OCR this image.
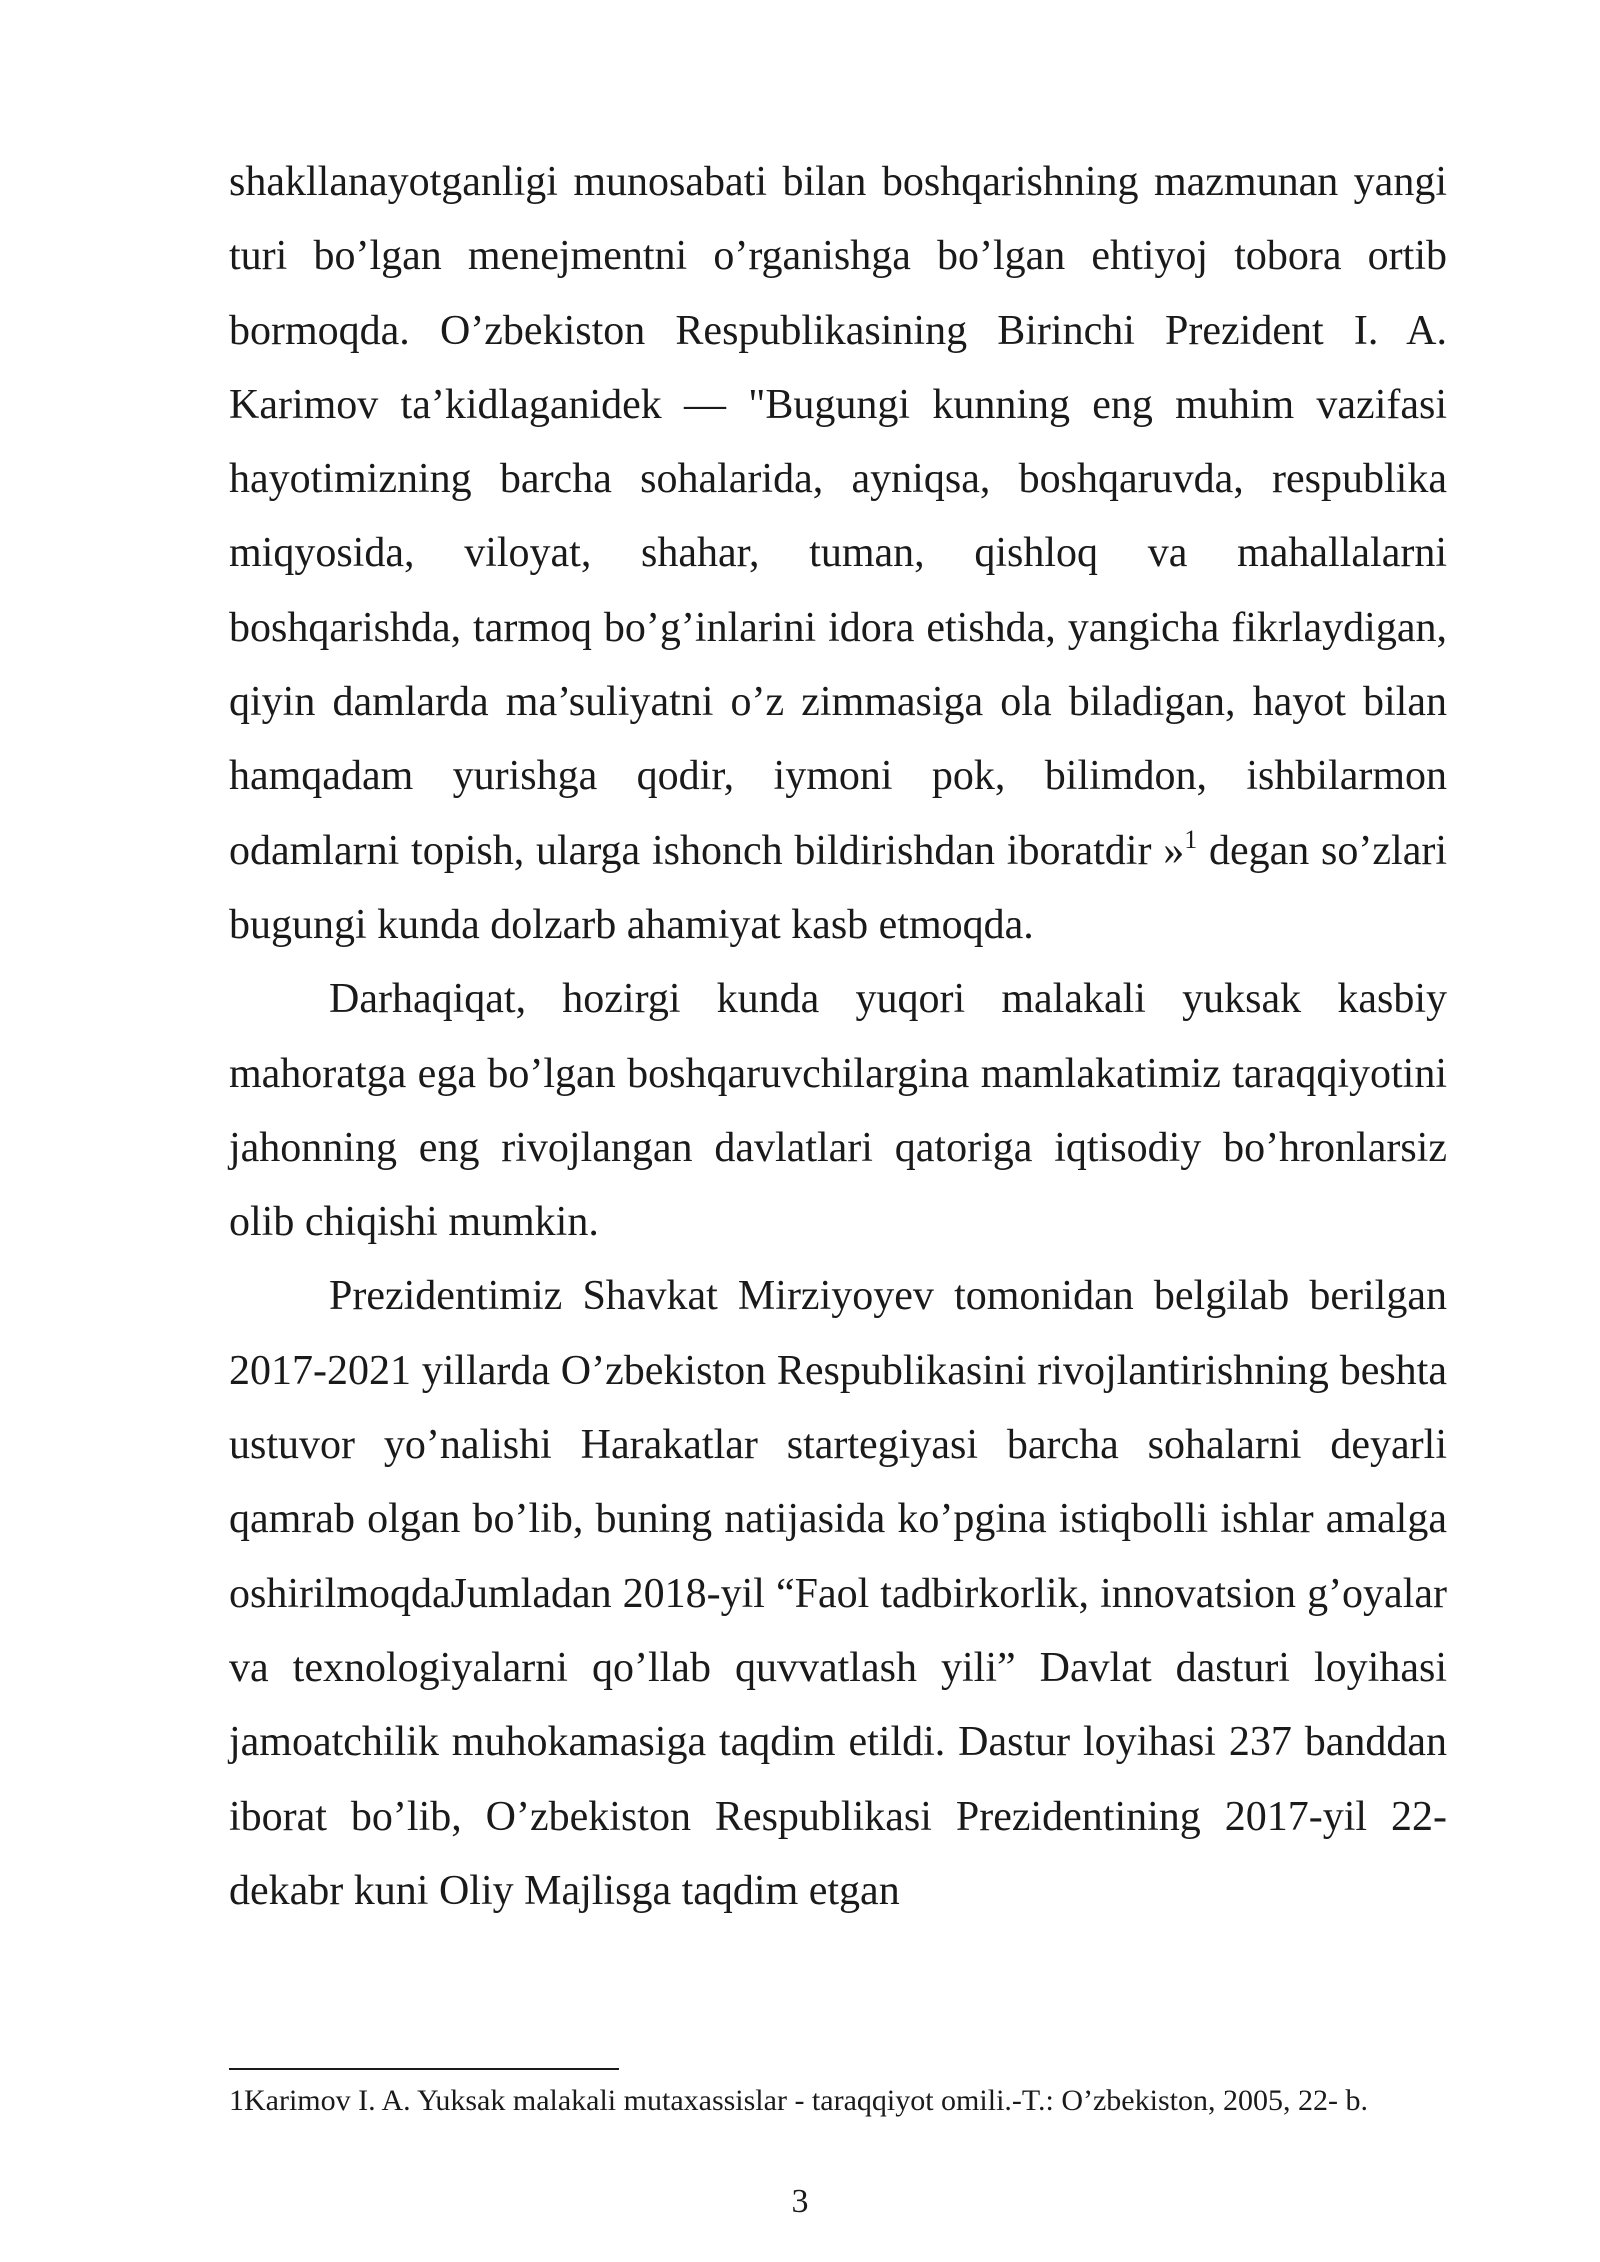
shakllanayotganligi munosabati bilan boshqarishning mazmunan yangi turi bo’lgan menejmentni o’rganishga bo’lgan ehtiyoj tobora ortib bormoqda. O’zbekiston Respublikasining Birinchi Prezident I. A. Karimov ta’kidlaganidek — "Bugungi kunning eng muhim vazifasi hayotimizning barcha sohalarida, ayniqsa, boshqaruvda, respublika miqyosida, viloyat, shahar, tuman, qishloq va mahallalarni boshqarishda, tarmoq bo’g’inlarini idora etishda, yangicha fikrlaydigan, qiyin damlarda ma’suliyatni o’z zimmasiga ola biladigan, hayot bilan hamqadam yurishga qodir, iymoni pok, bilimdon, ishbilarmon odamlarni topish, ularga ishonch bildirishdan iboratdir »$^1$ degan so’zlari bugungi kunda dolzarb ahamiyat kasb etmoqda.

Darhaqiqat, hozirgi kunda yuqori malakali yuksak kasbiy mahoratga ega bo’lgan boshqaruvchilargina mamlakatimiz taraqqiyotini jahonning eng rivojlangan davlatlari qatoriga iqtisodiy bo’hronlarsiz olib chiqishi mumkin.

Prezidentimiz Shavkat Mirziyoyev tomonidan belgilab berilgan 2017-2021 yillarda O’zbekiston Respublikasini rivojlantirishning beshta ustuvor yo’nalishi Harakatlar startegiyasi barcha sohalarni deyarli qamrab olgan bo’lib, buning natijasida ko’pgina istiqbolli ishlar amalga oshirilmoqdaJumladan 2018-yil “Faol tadbirkorlik, innovatsion g’oyalar va texnologiyalarni qo’llab quvvatlash yili” Davlat dasturi loyihasi jamoatchilik muhokamasiga taqdim etildi. Dastur loyihasi 237 banddan iborat bo’lib, O’zbekiston Respublikasi Prezidentining 2017-yil 22- dekabr kuni Oliy Majlisga taqdim etgan

1Karimov I. A. Yuksak malakali mutaxassislar - taraqqiyot omili.-T.: O’zbekiston, 2005, 22- b.

3
